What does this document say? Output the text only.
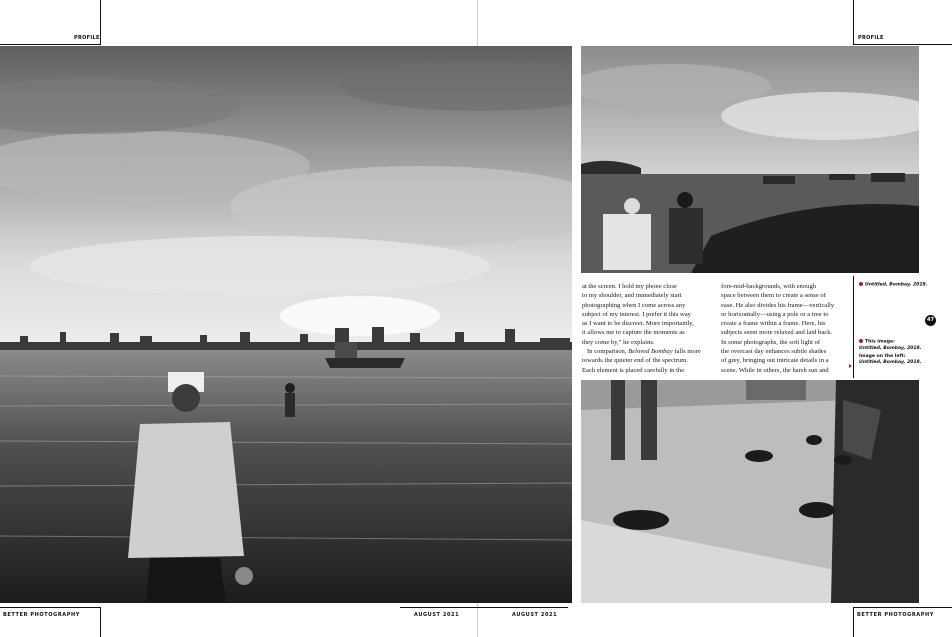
PROFILE	PROFILE
at the screen. I hold my phone close
to my shoulder, and immediately start
photographing when I come across any
subject of my interest. I prefer it this way
as I want to be discreet. More importantly,
it allows me to capture the moments as
they come by," he explains.
In comparison, Beloved Bombay falls more
towards the quieter end of the spectrum.
Each element is placed carefully in the
fore-mid-backgrounds, with enough
space between them to create a sense of
ease. He also divides his frame—vertically
or horizontally—using a pole or a tree to
create a frame within a frame. Here, his
subjects seem more relaxed and laid back.
In some photographs, the soft light of
the overcast day enhances subtle shades
of grey, bringing out intricate details in a
scene. While in others, the harsh sun and
Untitled, Bombay, 2018.
This image:
Untitled, Bombay, 2018.
Image on the left:
Untitled, Bombay, 2018.
47
BETTER PHOTOGRAPHY	AUGUST 2021	AUGUST 2021	BETTER PHOTOGRAPHY
